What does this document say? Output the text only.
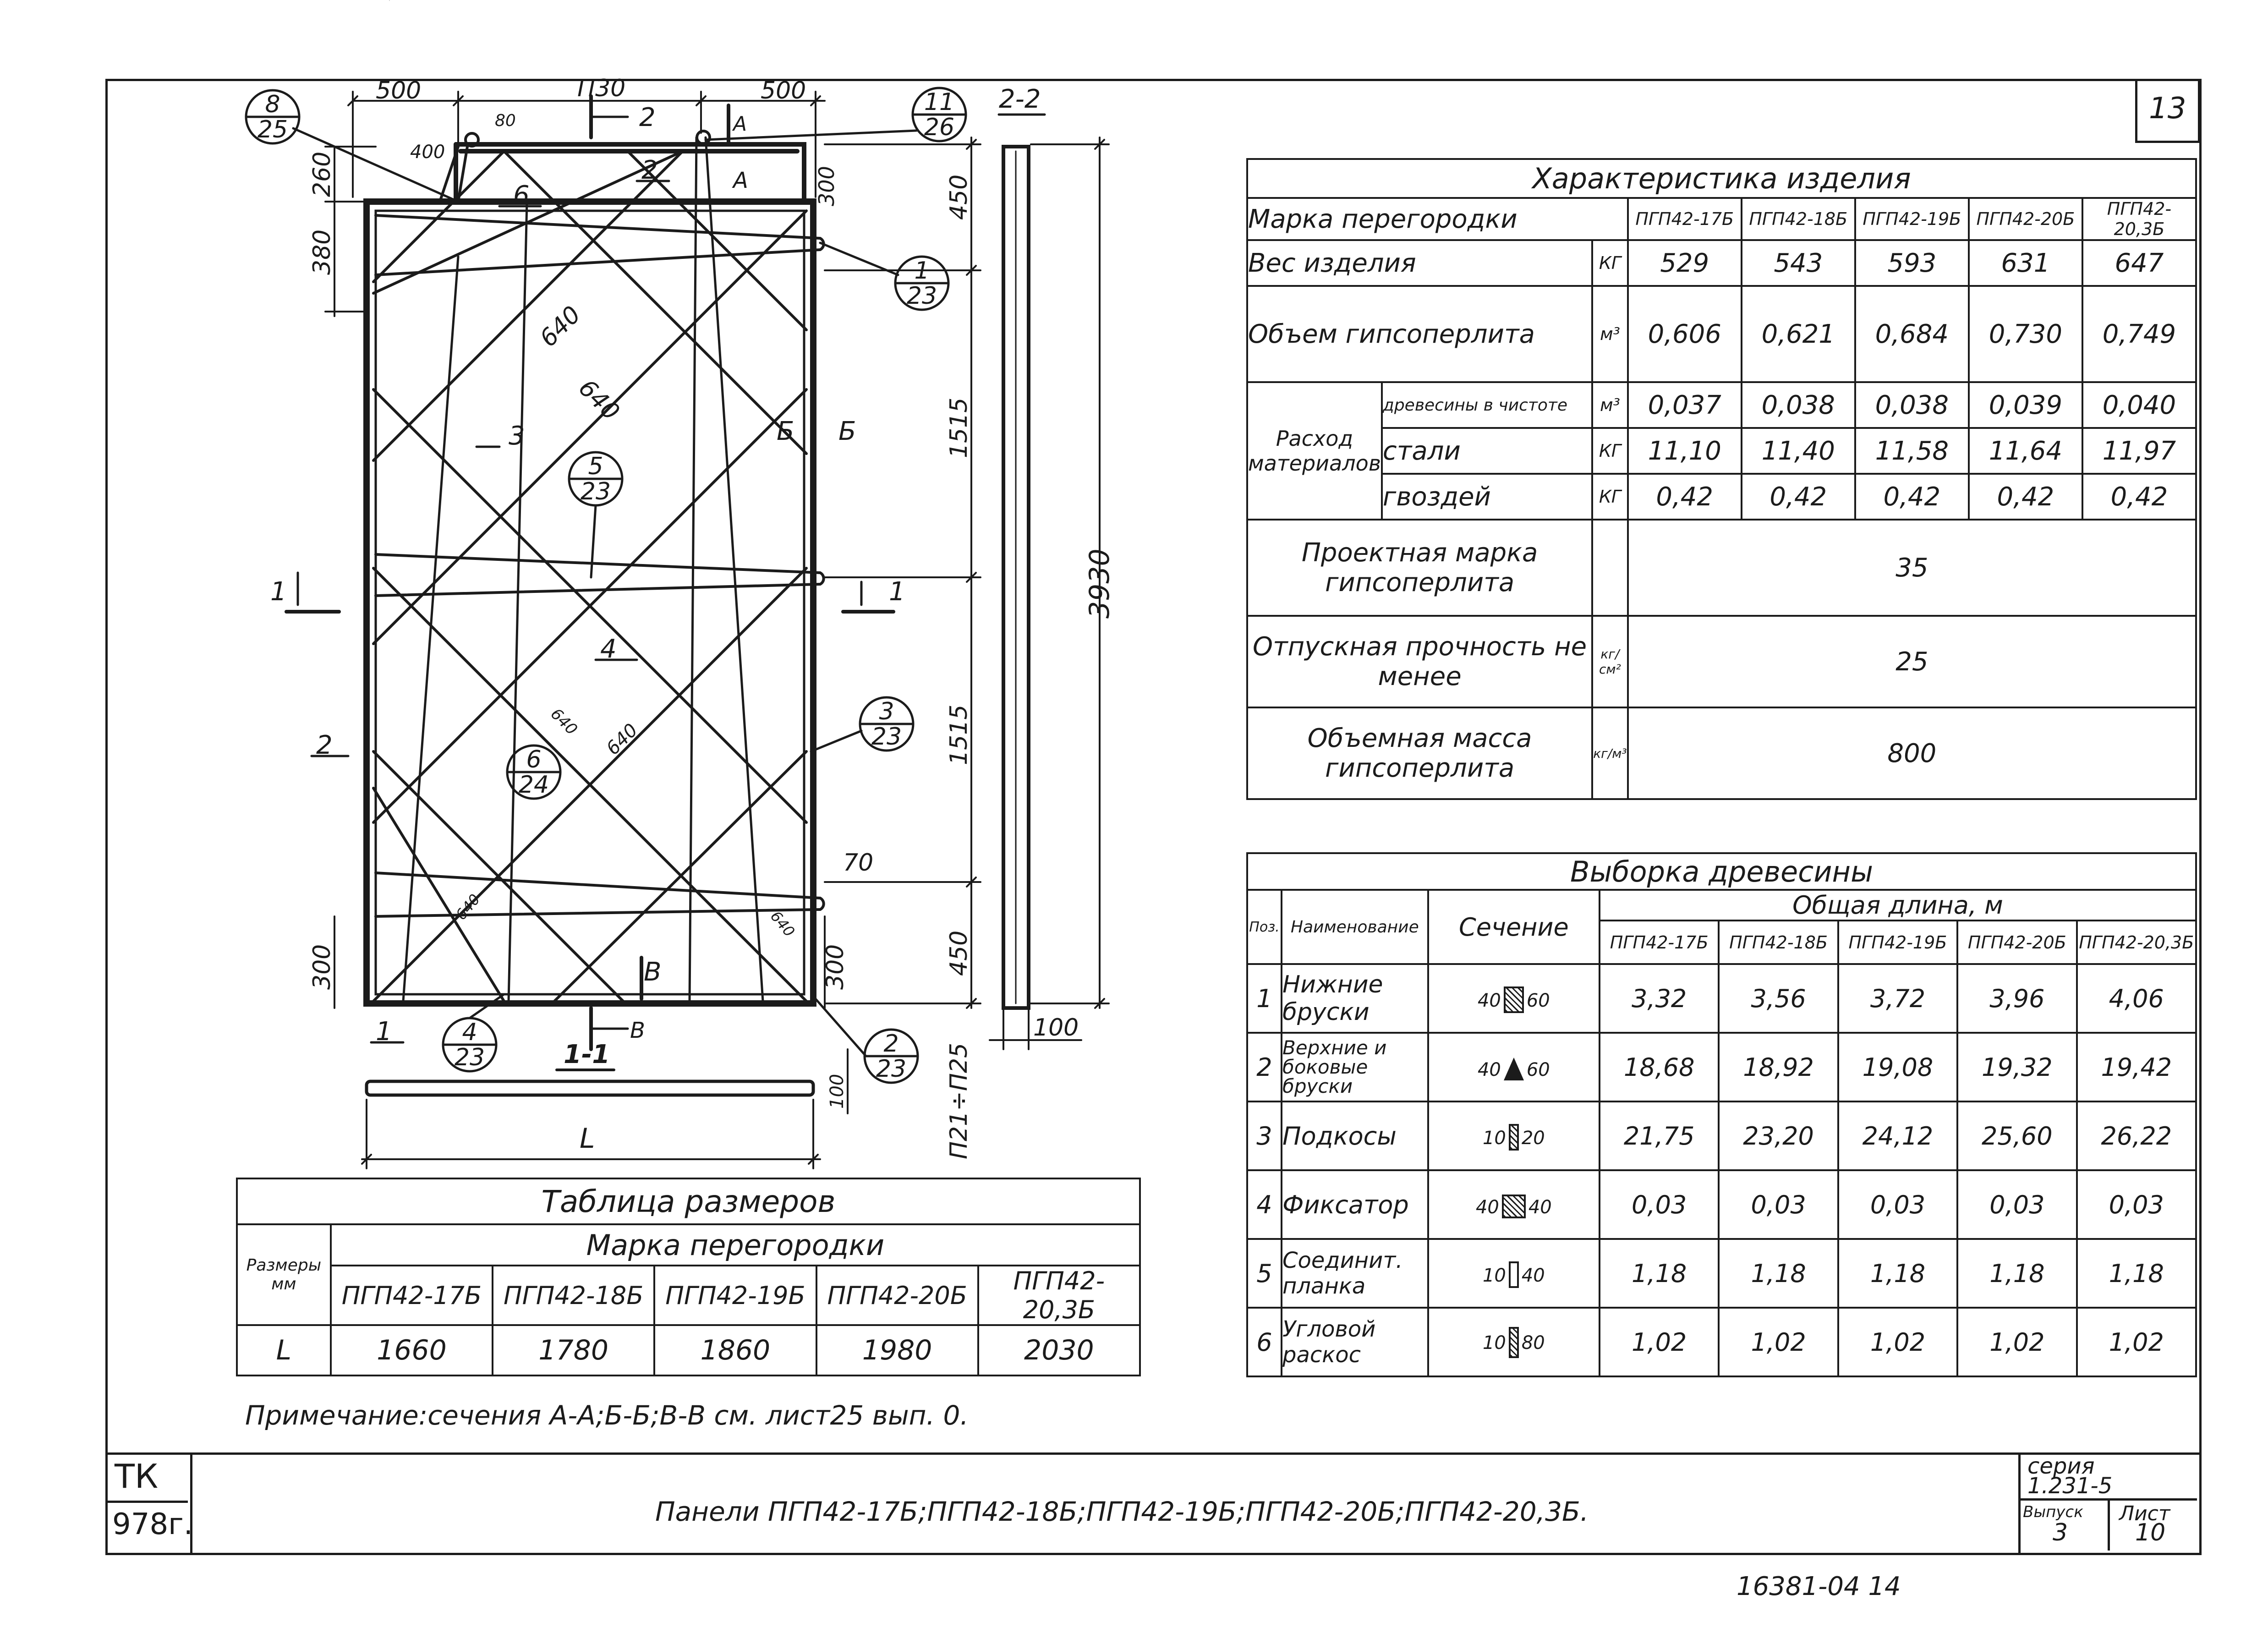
13
500	П30	500
80
400
300	450
1515
1515
450
3930
260
380
640
640
640 640
640
640
70
300	300
100
100	П21÷П25
L
8
25
11
26
1
23
5
23
3
23
6
24
4
23	2
23
2-2
2	А
А
Б Б
В
В
1-1
1	1
1
2
2
3
4
6
Характеристика изделия							
Марка перегородки			ПГП42-17Б	ПГП42-18Б	ПГП42-19Б	ПГП42-20Б	ПГП42-20,3Б
Вес изделия		КГ	529	543	593	631	647
Объем гипсоперлита		м³	0,606	0,621	0,684	0,730	0,749
Расход материалов	древесины в чистоте	м³	0,037	0,038	0,038	0,039	0,040
	стали	КГ	11,10	11,40	11,58	11,64	11,97
	гвоздей	КГ	0,42	0,42	0,42	0,42	0,42
Проектная марка гипсоперлита			35				
Отпускная прочность не менее		кг/см²	25				
Объемная масса гипсоперлита		кг/м³	800				
Выборка древесины							
Поз.	Наименование	Сечение	Общая длина, м				
			ПГП42-17Б	ПГП42-18Б	ПГП42-19Б	ПГП42-20Б	ПГП42-20,3Б
1	Нижние бруски	40 60	3,32	3,56	3,72	3,96	4,06
2	Верхние и боковые бруски	40 60	18,68	18,92	19,08	19,32	19,42
3	Подкосы	10 20	21,75	23,20	24,12	25,60	26,22
4	Фиксатор	40 40	0,03	0,03	0,03	0,03	0,03
5	Соединит. планка	10 40	1,18	1,18	1,18	1,18	1,18
6	Угловой раскос	10 80	1,02	1,02	1,02	1,02	1,02
Таблица размеров					
Размеры мм	Марка перегородки				
	ПГП42-17Б	ПГП42-18Б	ПГП42-19Б	ПГП42-20Б	ПГП42-20,3Б
L	1660	1780	1860	1980	2030
Примечание:сечения А-А;Б-Б;В-В см. лист25 вып. 0.
ТК
978г.	Панели ПГП42-17Б;ПГП42-18Б;ПГП42-19Б;ПГП42-20Б;ПГП42-20,3Б.
серия
1.231-5
Выпуск
3
Лист
10
16381-04 14
